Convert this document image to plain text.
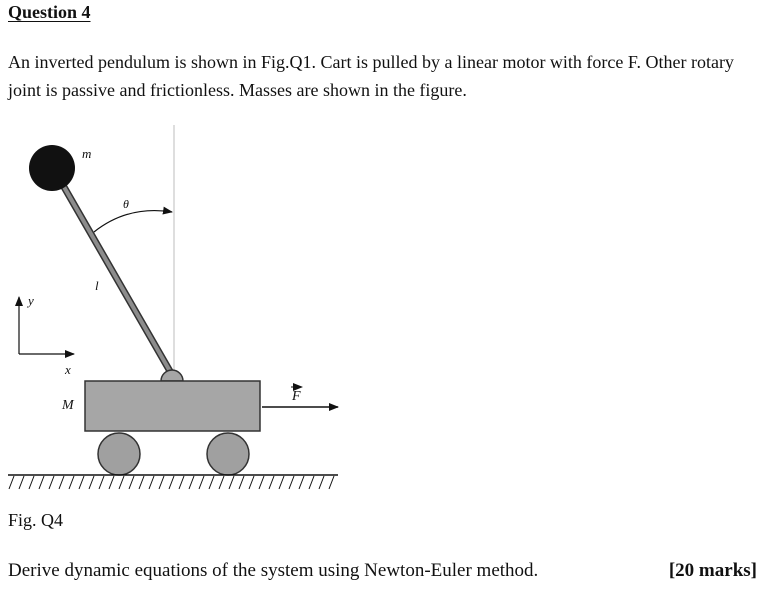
Question 4
An inverted pendulum is shown in Fig.Q1. Cart is pulled by a linear motor with force F. Other rotary joint is passive and frictionless. Masses are shown in the figure.
θ
m
l
y
x
M
F
Fig. Q4
Derive dynamic equations of the system using Newton-Euler method.	[20 marks]
